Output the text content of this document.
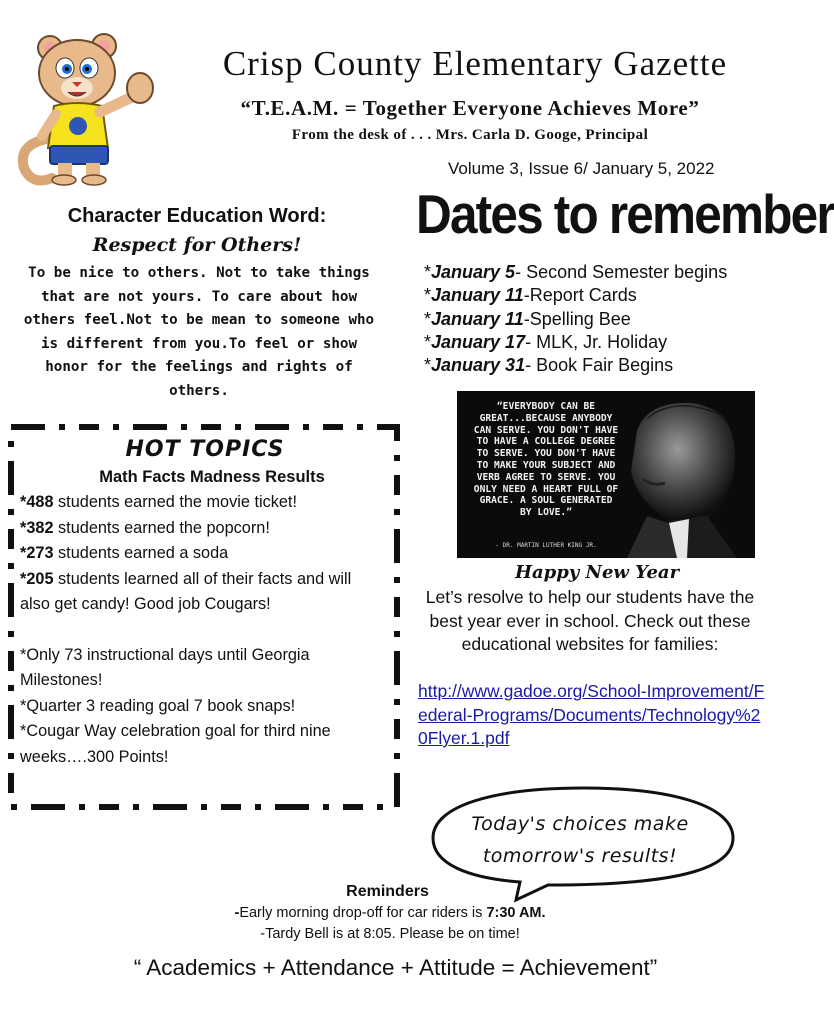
Crisp County Elementary Gazette
“T.E.A.M. = Together Everyone Achieves More”
From the desk of . . . Mrs. Carla D. Googe, Principal
Volume 3, Issue 6/ January 5, 2022
Character Education Word:
Respect for Others!
To be nice to others. Not to take things that are not yours. To care about how others feel.Not to be mean to someone who is different from you.To feel or show honor for the feelings and rights of others.
Dates to remember
*January 5- Second Semester begins
*January 11-Report Cards
*January 11-Spelling Bee
*January 17- MLK, Jr. Holiday
*January 31- Book Fair Begins
“EVERYBODY CAN BE GREAT...BECAUSE ANYBODY CAN SERVE. YOU DON'T HAVE TO HAVE A COLLEGE DEGREE TO SERVE. YOU DON'T HAVE TO MAKE YOUR SUBJECT AND VERB AGREE TO SERVE. YOU ONLY NEED A HEART FULL OF GRACE. A SOUL GENERATED BY LOVE.”
- DR. MARTIN LUTHER KING JR.
Happy New Year
Let’s resolve to help our students have the best year ever in school. Check out these educational websites for families:
http://www.gadoe.org/School-Improvement/Federal-Programs/Documents/Technology%20Flyer.1.pdf
HOT TOPICS
Math Facts Madness Results

*488 students earned the movie ticket!

*382 students earned the popcorn!

*273 students earned a soda

*205 students learned all of their facts and will also get candy! Good job Cougars!

*Only 73 instructional days until Georgia Milestones!

*Quarter 3 reading goal 7 book snaps!

*Cougar Way celebration goal for third nine weeks….300 Points!

Today's choices make
tomorrow's results!
Reminders
-Early morning drop-off for car riders is 7:30 AM.
-Tardy Bell is at 8:05. Please be on time!
“ Academics + Attendance + Attitude = Achievement”
